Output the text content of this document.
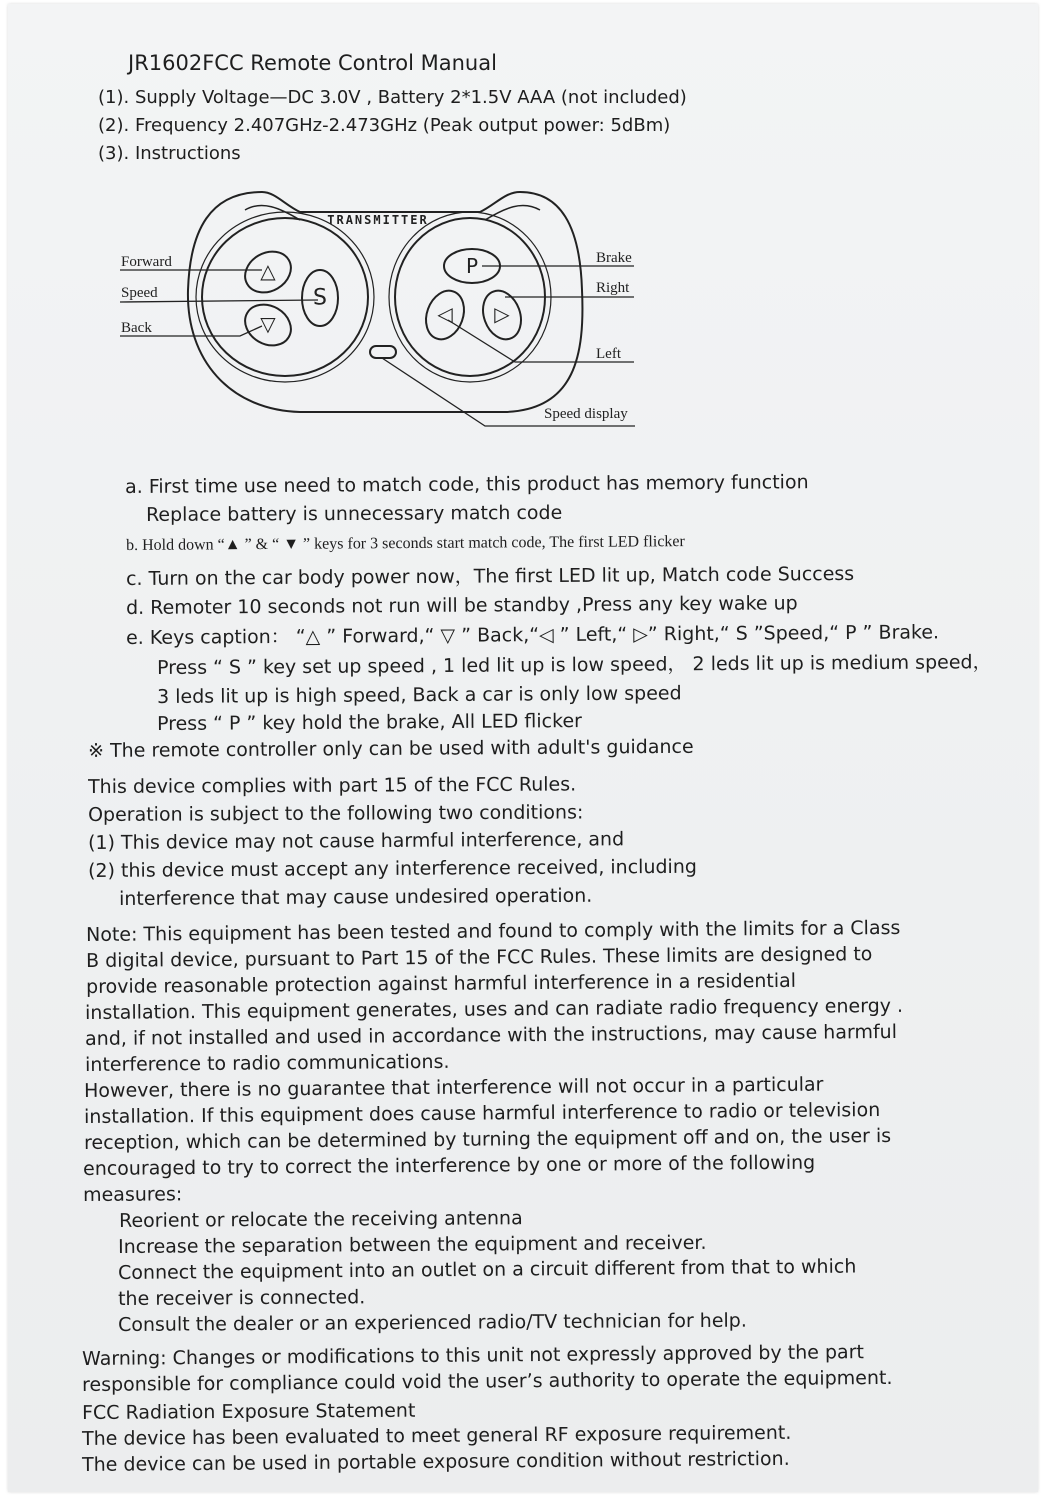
JR1602FCC Remote Control Manual
(1). Supply Voltage—DC 3.0V , Battery 2*1.5V AAA (not included)
(2). Frequency 2.407GHz-2.473GHz (Peak output power: 5dBm)
(3). Instructions
△
▽
S
P
◁ ▷
TRANSMITTER
Forward
Speed
Back
Brake
Right
Left
Speed display
a. First time use need to match code, this product has memory function
Replace battery is unnecessary match code
b. Hold down “▲ ” & “ ▼ ” keys for 3 seconds start match code, The first LED flicker
c. Turn on the car body power now，The first LED lit up, Match code Success
d. Remoter 10 seconds not run will be standby ,Press any key wake up
e. Keys caption： “△ ” Forward,“ ▽ ” Back,“◁ ” Left,“ ▷” Right,“ S ”Speed,“ P ” Brake.
Press “ S ” key set up speed , 1 led lit up is low speed， 2 leds lit up is medium speed，
3 leds lit up is high speed, Back a car is only low speed
Press “ P ” key hold the brake, All LED flicker
※ The remote controller only can be used with adult's guidance
This device complies with part 15 of the FCC Rules.
Operation is subject to the following two conditions:
(1) This device may not cause harmful interference, and
(2) this device must accept any interference received, including
interference that may cause undesired operation.
Note: This equipment has been tested and found to comply with the limits for a Class
B digital device, pursuant to Part 15 of the FCC Rules. These limits are designed to
provide reasonable protection against harmful interference in a residential
installation. This equipment generates, uses and can radiate radio frequency energy .
and, if not installed and used in accordance with the instructions, may cause harmful
interference to radio communications.
However, there is no guarantee that interference will not occur in a particular
installation. If this equipment does cause harmful interference to radio or television
reception, which can be determined by turning the equipment off and on, the user is
encouraged to try to correct the interference by one or more of the following
measures:
Reorient or relocate the receiving antenna
Increase the separation between the equipment and receiver.
Connect the equipment into an outlet on a circuit different from that to which
the receiver is connected.
Consult the dealer or an experienced radio/TV technician for help.
Warning: Changes or modifications to this unit not expressly approved by the part
responsible for compliance could void the user’s authority to operate the equipment.
FCC Radiation Exposure Statement
The device has been evaluated to meet general RF exposure requirement.
The device can be used in portable exposure condition without restriction.
